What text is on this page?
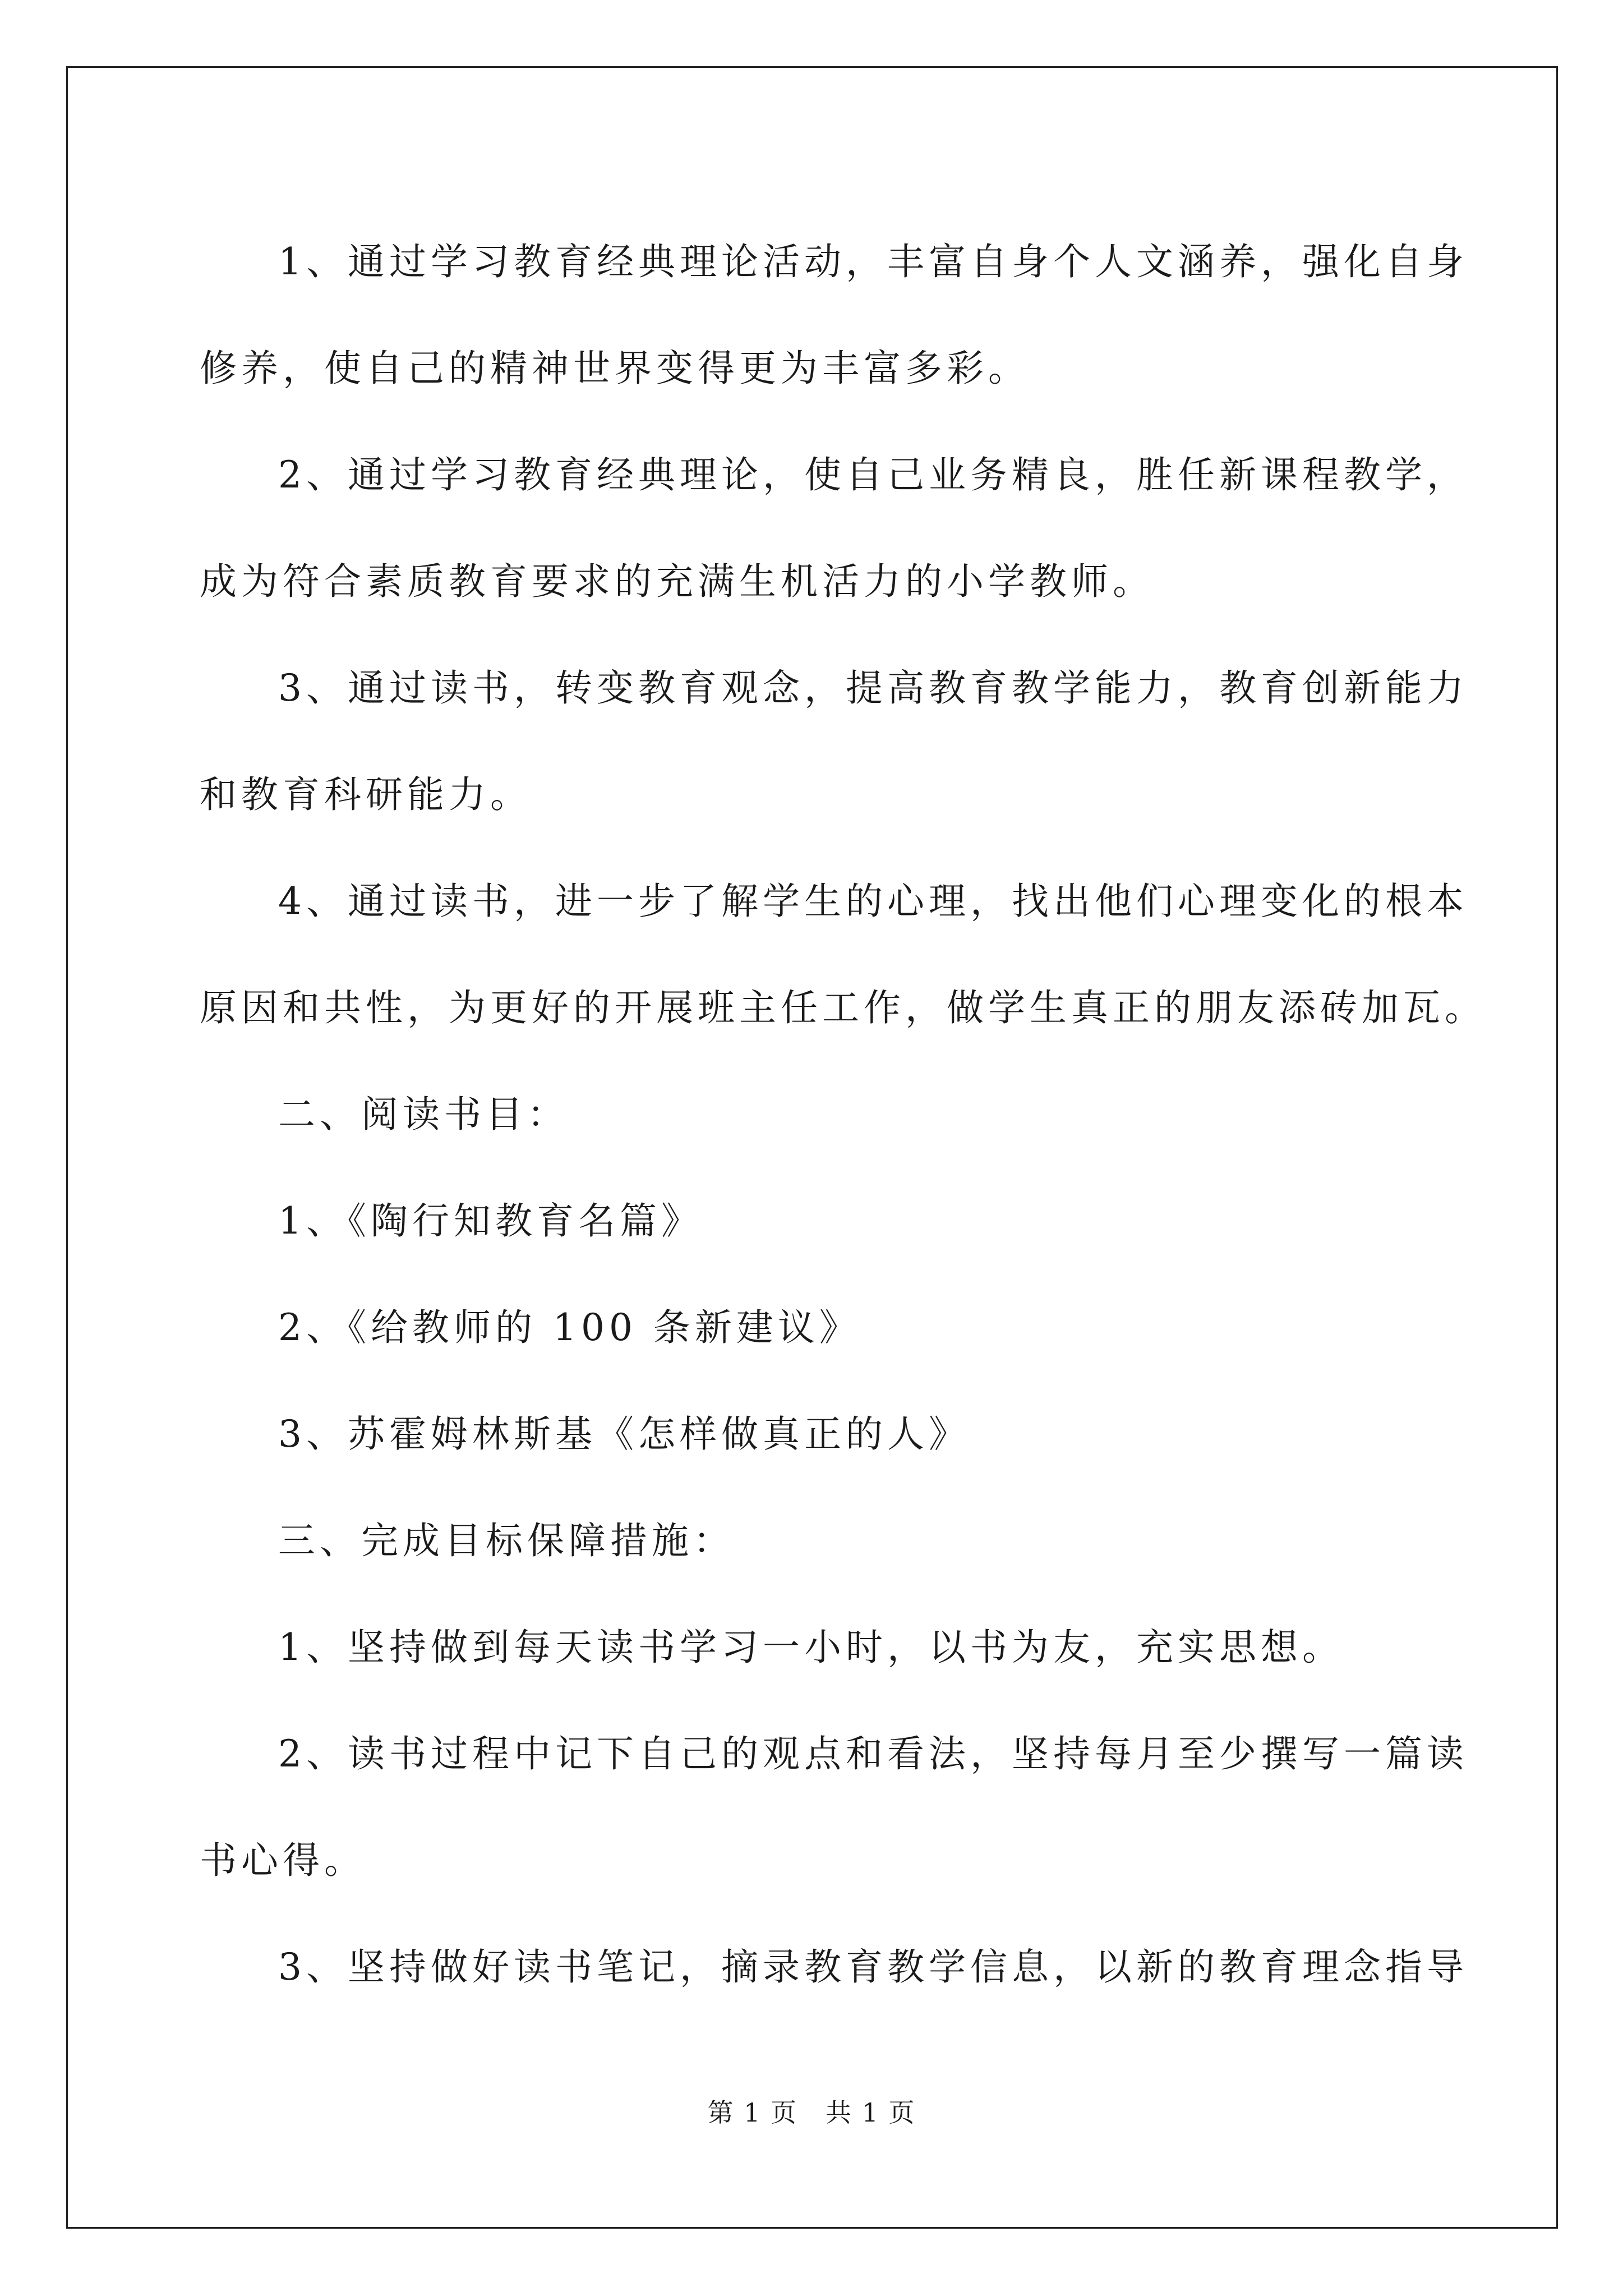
1、通过学习教育经典理论活动，丰富自身个人文涵养，强化自身

修养，使自己的精神世界变得更为丰富多彩。

2、通过学习教育经典理论，使自己业务精良，胜任新课程教学，

成为符合素质教育要求的充满生机活力的小学教师。

3、通过读书，转变教育观念，提高教育教学能力，教育创新能力

和教育科研能力。

4、通过读书，进一步了解学生的心理，找出他们心理变化的根本

原因和共性，为更好的开展班主任工作，做学生真正的朋友添砖加瓦。

二、阅读书目：

1、《陶行知教育名篇》

2、《给教师的 100 条新建议》

3、苏霍姆林斯基《怎样做真正的人》

三、完成目标保障措施：

1、坚持做到每天读书学习一小时，以书为友，充实思想。

2、读书过程中记下自己的观点和看法，坚持每月至少撰写一篇读

书心得。

3、坚持做好读书笔记，摘录教育教学信息，以新的教育理念指导

第 1 页 共 1 页
